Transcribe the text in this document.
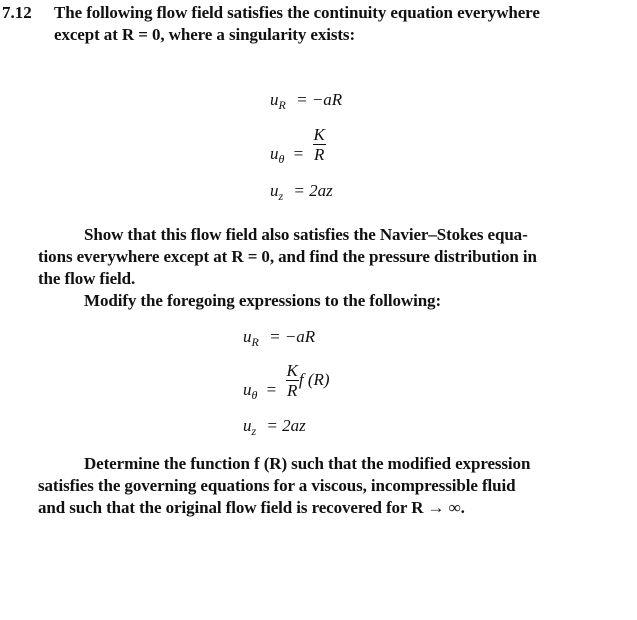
7.12 The following flow field satisfies the continuity equation everywhere
except at R = 0, where a singularity exists:
$u_R = -aR$
$u_\theta = \frac{K}{R}$
$u_z = 2az$
Show that this flow field also satisfies the Navier–Stokes equa-
tions everywhere except at R = 0, and find the pressure distribution in
the flow field.
Modify the foregoing expressions to the following:
$u_R = -aR$
$u_\theta = \frac{K}{R}$ f (R)
$u_z = 2az$
Determine the function f (R) such that the modified expression
satisfies the governing equations for a viscous, incompressible fluid
and such that the original flow field is recovered for R → ∞.
